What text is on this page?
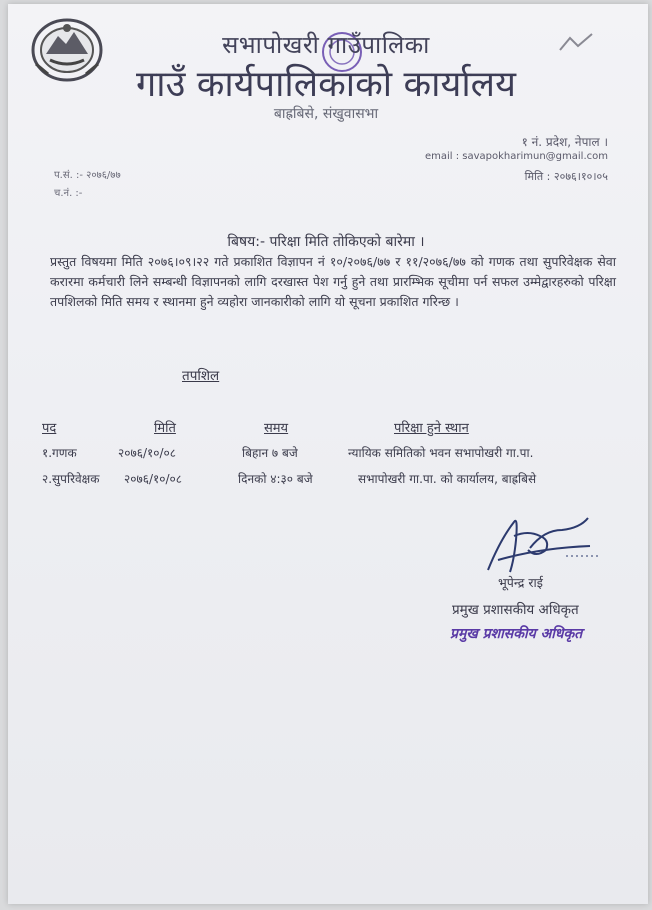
सभापोखरी गाउँपालिका
गाउँ कार्यपालिकाको कार्यालय
बाह्रबिसे, संखुवासभा
१ नं. प्रदेश, नेपाल ।
email : savapokharimun@gmail.com
मिति : २०७६।१०।०५
प.सं. :- २०७६/७७
च.नं. :-
बिषय:- परिक्षा मिति तोकिएको बारेमा ।
प्रस्तुत विषयमा मिति २०७६।०९।२२ गते प्रकाशित विज्ञापन नं १०/२०७६/७७ र ११/२०७६/७७ को गणक तथा सुपरिवेक्षक सेवा करारमा कर्मचारी लिने सम्बन्धी विज्ञापनको लागि दरखास्त पेश गर्नु हुने तथा प्रारम्भिक सूचीमा पर्न सफल उम्मेद्वारहरुको परिक्षा तपशिलको मिति समय र स्थानमा हुने व्यहोरा जानकारीको लागि यो सूचना प्रकाशित गरिन्छ ।
तपशिल
पद	मिति	समय	परिक्षा हुने स्थान
१.गणक	२०७६/१०/०८	बिहान ७ बजे	न्यायिक समितिको भवन सभापोखरी गा.पा.
२.सुपरिवेक्षक २०७६/१०/०८	दिनको ४:३० बजे	सभापोखरी गा.पा. को कार्यालय, बाह्रबिसे
भूपेन्द्र राई
प्रमुख प्रशासकीय अधिकृत
प्रमुख प्रशासकीय अधिकृत
